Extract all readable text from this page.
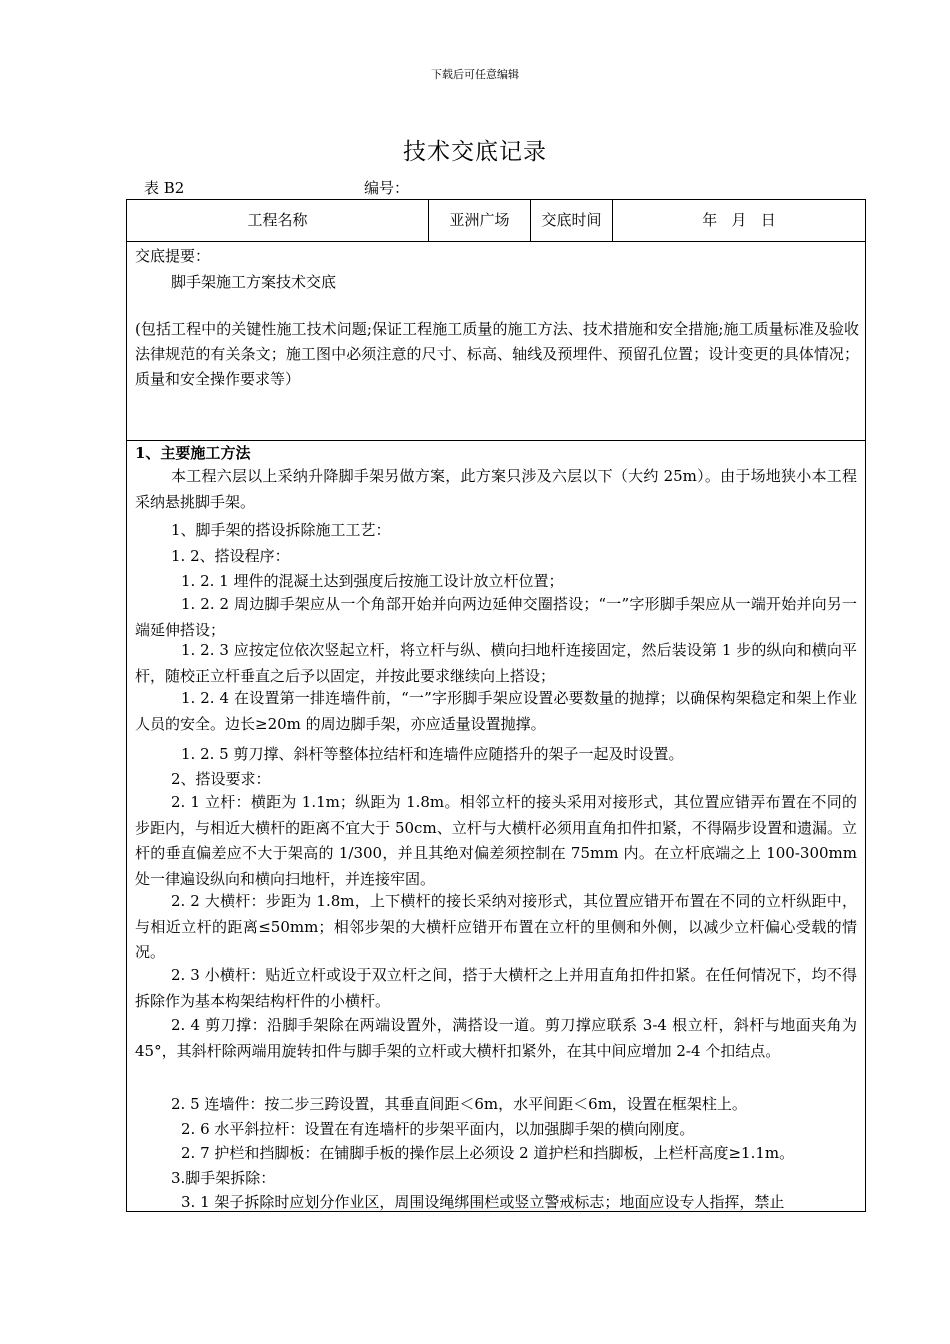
下载后可任意编辑
技术交底记录
表 B2	编号：
工程名称	亚洲广场	交底时间	年   月   日
交底提要：
脚手架施工方案技术交底
(包括工程中的关键性施工技术问题;保证工程施工质量的施工方法、技术措施和安全措施;施工质量标准及验收法律规范的有关条文；施工图中必须注意的尺寸、标高、轴线及预埋件、预留孔位置；设计变更的具体情况；质量和安全操作要求等）
1、主要施工方法
本工程六层以上采纳升降脚手架另做方案，此方案只涉及六层以下（大约 25m）。由于场地狭小本工程采纳悬挑脚手架。
1、脚手架的搭设拆除施工工艺：
1. 2、搭设程序：
1. 2. 1 埋件的混凝土达到强度后按施工设计放立杆位置；
1. 2. 2 周边脚手架应从一个角部开始并向两边延伸交圈搭设；“一”字形脚手架应从一端开始并向另一端延伸搭设；
1. 2. 3 应按定位依次竖起立杆，将立杆与纵、横向扫地杆连接固定，然后装设第 1 步的纵向和横向平杆，随校正立杆垂直之后予以固定，并按此要求继续向上搭设；
1. 2. 4 在设置第一排连墙件前，“一”字形脚手架应设置必要数量的抛撑；以确保构架稳定和架上作业人员的安全。边长≥20m 的周边脚手架，亦应适量设置抛撑。
1. 2. 5 剪刀撑、斜杆等整体拉结杆和连墙件应随搭升的架子一起及时设置。
2、搭设要求：
2. 1 立杆：横距为 1.1m；纵距为 1.8m。相邻立杆的接头采用对接形式，其位置应错弄布置在不同的步距内，与相近大横杆的距离不宜大于 50cm、立杆与大横杆必须用直角扣件扣紧，不得隔步设置和遗漏。立杆的垂直偏差应不大于架高的 1/300，并且其绝对偏差须控制在 75mm 内。在立杆底端之上 100-300mm 处一律遍设纵向和横向扫地杆，并连接牢固。
2. 2 大横杆：步距为 1.8m，上下横杆的接长采纳对接形式，其位置应错开布置在不同的立杆纵距中，与相近立杆的距离≤50mm；相邻步架的大横杆应错开布置在立杆的里侧和外侧，以减少立杆偏心受载的情况。
2. 3 小横杆：贴近立杆或设于双立杆之间，搭于大横杆之上并用直角扣件扣紧。在任何情况下，均不得拆除作为基本构架结构杆件的小横杆。
2. 4 剪刀撑：沿脚手架除在两端设置外，满搭设一道。剪刀撑应联系 3-4 根立杆，斜杆与地面夹角为 45°，其斜杆除两端用旋转扣件与脚手架的立杆或大横杆扣紧外，在其中间应增加 2-4 个扣结点。
2. 5 连墙件：按二步三跨设置，其垂直间距＜6m，水平间距＜6m，设置在框架柱上。
2. 6 水平斜拉杆：设置在有连墙杆的步架平面内，以加强脚手架的横向刚度。
2. 7 护栏和挡脚板：在铺脚手板的操作层上必须设 2 道护栏和挡脚板，上栏杆高度≥1.1m。
3.脚手架拆除：
3. 1 架子拆除时应划分作业区，周围设绳绑围栏或竖立警戒标志；地面应设专人指挥，禁止
